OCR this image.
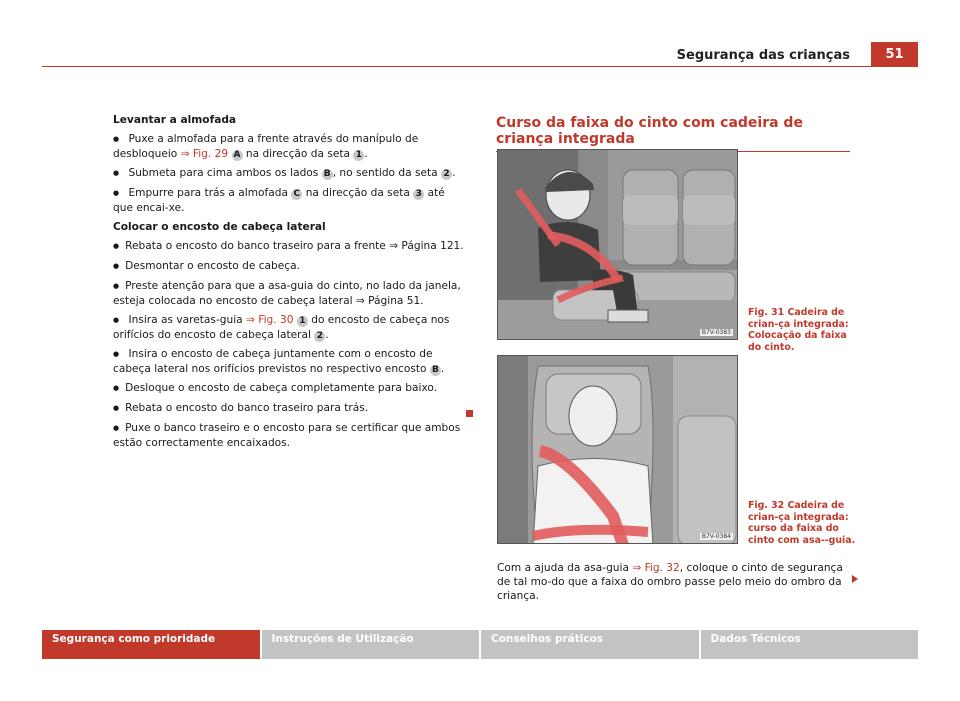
Segurança das crianças	51
Levantar a almofada

● Puxe a almofada para a frente através do manípulo de desbloqueio ⇒ Fig. 29 A na direcção da seta 1 .

● Submeta para cima ambos os lados B , no sentido da seta 2 .

● Empurre para trás a almofada C na direcção da seta 3 até que encai-xe.

Colocar o encosto de cabeça lateral

● Rebata o encosto do banco traseiro para a frente ⇒ Página 121.

● Desmontar o encosto de cabeça.

● Preste atenção para que a asa-guia do cinto, no lado da janela, esteja colocada no encosto de cabeça lateral ⇒ Página 51.

● Insira as varetas-guia ⇒ Fig. 30 1 do encosto de cabeça nos orifícios do encosto de cabeça lateral 2 .

● Insira o encosto de cabeça juntamente com o encosto de cabeça lateral nos orifícios previstos no respectivo encosto B .

● Desloque o encosto de cabeça completamente para baixo.

● Rebata o encosto do banco traseiro para trás.

● Puxe o banco traseiro e o encosto para se certificar que ambos estão correctamente encaixados.

Curso da faixa do cinto com cadeira de criança integrada
B7V-0383
Fig. 31 Cadeira de crian-ça integrada: Colocação da faixa do cinto.
B7V-0384
Fig. 32 Cadeira de crian-ça integrada: curso da faixa do cinto com asa--guia.
Com a ajuda da asa-guia ⇒ Fig. 32, coloque o cinto de segurança de tal mo-do que a faixa do ombro passe pelo meio do ombro da criança.
Segurança como prioridade	Instruções de Utilização	Conselhos práticos	Dados Técnicos
